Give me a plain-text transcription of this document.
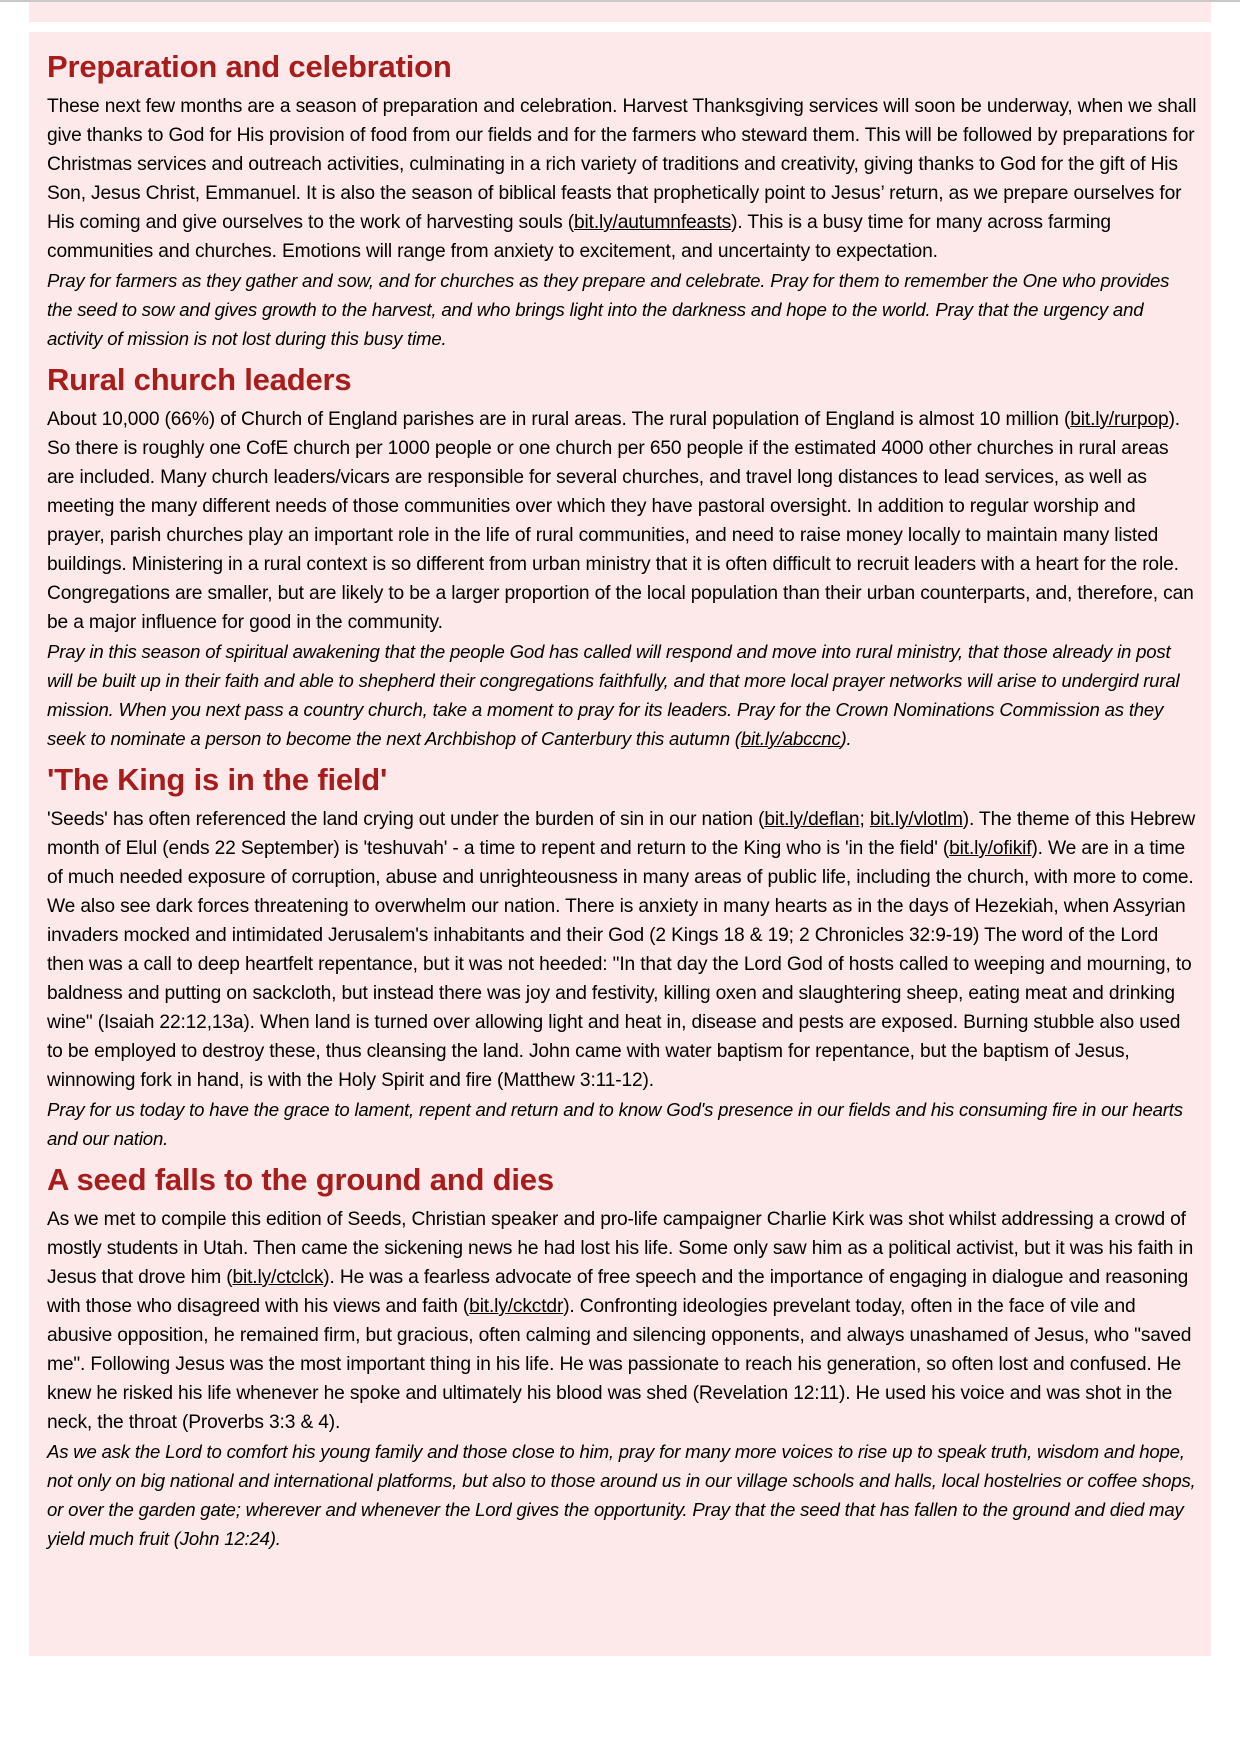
Preparation and celebration

These next few months are a season of preparation and celebration. Harvest Thanksgiving services will soon be underway, when we shall give thanks to God for His provision of food from our fields and for the farmers who steward them. This will be followed by preparations for Christmas services and outreach activities, culminating in a rich variety of traditions and creativity, giving thanks to God for the gift of His Son, Jesus Christ, Emmanuel. It is also the season of biblical feasts that prophetically point to Jesus’ return, as we prepare ourselves for His coming and give ourselves to the work of harvesting souls (bit.ly/autumnfeasts). This is a busy time for many across farming communities and churches. Emotions will range from anxiety to excitement, and uncertainty to expectation.

Pray for farmers as they gather and sow, and for churches as they prepare and celebrate. Pray for them to remember the One who provides the seed to sow and gives growth to the harvest, and who brings light into the darkness and hope to the world. Pray that the urgency and activity of mission is not lost during this busy time.

Rural church leaders

About 10,000 (66%) of Church of England parishes are in rural areas. The rural population of England is almost 10 million (bit.ly/rurpop). So there is roughly one CofE church per 1000 people or one church per 650 people if the estimated 4000 other churches in rural areas are included. Many church leaders/vicars are responsible for several churches, and travel long distances to lead services, as well as meeting the many different needs of those communities over which they have pastoral oversight. In addition to regular worship and prayer, parish churches play an important role in the life of rural communities, and need to raise money locally to maintain many listed buildings. Ministering in a rural context is so different from urban ministry that it is often difficult to recruit leaders with a heart for the role. Congregations are smaller, but are likely to be a larger proportion of the local population than their urban counterparts, and, therefore, can be a major influence for good in the community.

Pray in this season of spiritual awakening that the people God has called will respond and move into rural ministry, that those already in post will be built up in their faith and able to shepherd their congregations faithfully, and that more local prayer networks will arise to undergird rural mission. When you next pass a country church, take a moment to pray for its leaders. Pray for the Crown Nominations Commission as they seek to nominate a person to become the next Archbishop of Canterbury this autumn (bit.ly/abccnc).

'The King is in the field'

'Seeds' has often referenced the land crying out under the burden of sin in our nation (bit.ly/deflan; bit.ly/vlotlm). The theme of this Hebrew month of Elul (ends 22 September) is 'teshuvah' - a time to repent and return to the King who is 'in the field' (bit.ly/ofikif). We are in a time of much needed exposure of corruption, abuse and unrighteousness in many areas of public life, including the church, with more to come. We also see dark forces threatening to overwhelm our nation. There is anxiety in many hearts as in the days of Hezekiah, when Assyrian invaders mocked and intimidated Jerusalem's inhabitants and their God (2 Kings 18 & 19; 2 Chronicles 32:9-19) The word of the Lord then was a call to deep heartfelt repentance, but it was not heeded: "In that day the Lord God of hosts called to weeping and mourning, to baldness and putting on sackcloth, but instead there was joy and festivity, killing oxen and slaughtering sheep, eating meat and drinking wine" (Isaiah 22:12,13a). When land is turned over allowing light and heat in, disease and pests are exposed. Burning stubble also used to be employed to destroy these, thus cleansing the land. John came with water baptism for repentance, but the baptism of Jesus, winnowing fork in hand, is with the Holy Spirit and fire (Matthew 3:11-12).

Pray for us today to have the grace to lament, repent and return and to know God's presence in our fields and his consuming fire in our hearts and our nation.

A seed falls to the ground and dies

As we met to compile this edition of Seeds, Christian speaker and pro-life campaigner Charlie Kirk was shot whilst addressing a crowd of mostly students in Utah. Then came the sickening news he had lost his life. Some only saw him as a political activist, but it was his faith in Jesus that drove him (bit.ly/ctclck). He was a fearless advocate of free speech and the importance of engaging in dialogue and reasoning with those who disagreed with his views and faith (bit.ly/ckctdr). Confronting ideologies prevelant today, often in the face of vile and abusive opposition, he remained firm, but gracious, often calming and silencing opponents, and always unashamed of Jesus, who "saved me". Following Jesus was the most important thing in his life. He was passionate to reach his generation, so often lost and confused. He knew he risked his life whenever he spoke and ultimately his blood was shed (Revelation 12:11). He used his voice and was shot in the neck, the throat (Proverbs 3:3 & 4).

As we ask the Lord to comfort his young family and those close to him, pray for many more voices to rise up to speak truth, wisdom and hope, not only on big national and international platforms, but also to those around us in our village schools and halls, local hostelries or coffee shops, or over the garden gate; wherever and whenever the Lord gives the opportunity. Pray that the seed that has fallen to the ground and died may yield much fruit (John 12:24).
